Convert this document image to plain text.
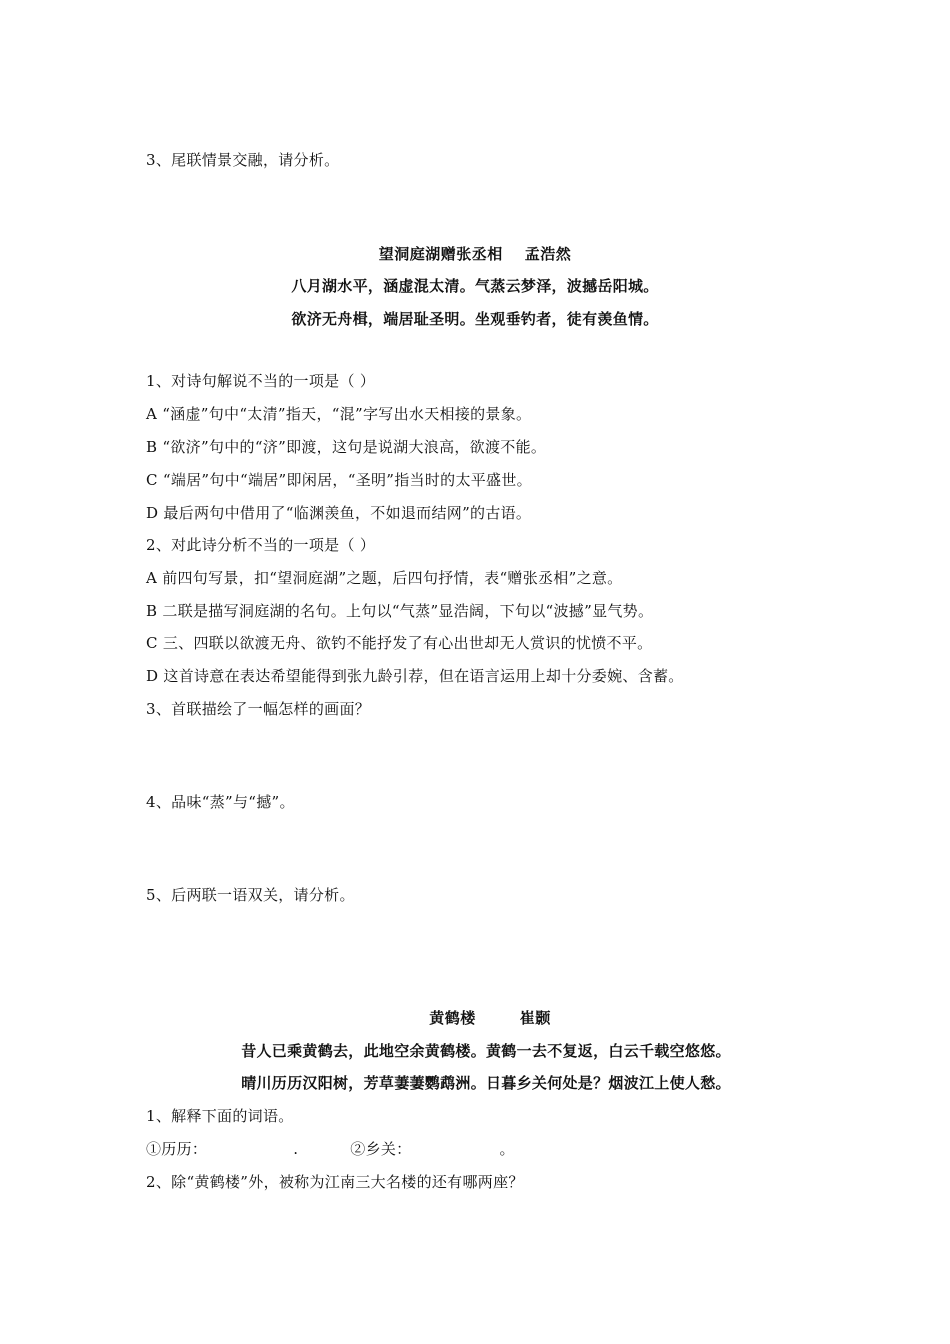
3、尾联情景交融，请分析。
望洞庭湖赠张丞相 孟浩然
八月湖水平，涵虚混太清。气蒸云梦泽，波撼岳阳城。
欲济无舟楫，端居耻圣明。坐观垂钓者，徒有羡鱼情。
1、对诗句解说不当的一项是（ ）
A “涵虚”句中“太清”指天，“混”字写出水天相接的景象。
B “欲济”句中的“济”即渡，这句是说湖大浪高，欲渡不能。
C “端居”句中“端居”即闲居，“圣明”指当时的太平盛世。
D 最后两句中借用了“临渊羡鱼，不如退而结网”的古语。
2、对此诗分析不当的一项是（ ）
A 前四句写景，扣“望洞庭湖”之题，后四句抒情，表“赠张丞相”之意。
B 二联是描写洞庭湖的名句。上句以“气蒸”显浩阔，下句以“波撼”显气势。
C 三、四联以欲渡无舟、欲钓不能抒发了有心出世却无人赏识的忧愤不平。
D 这首诗意在表达希望能得到张九龄引荐，但在语言运用上却十分委婉、含蓄。
3、首联描绘了一幅怎样的画面？
4、品味“蒸”与“撼”。
5、后两联一语双关，请分析。
黄鹤楼	崔颢
昔人已乘黄鹤去，此地空余黄鹤楼。黄鹤一去不复返，白云千载空悠悠。
晴川历历汉阳树，芳草萋萋鹦鹉洲。日暮乡关何处是？烟波江上使人愁。
1、解释下面的词语。
①历历：	.	②乡关：	。
2、除“黄鹤楼”外，被称为江南三大名楼的还有哪两座？
